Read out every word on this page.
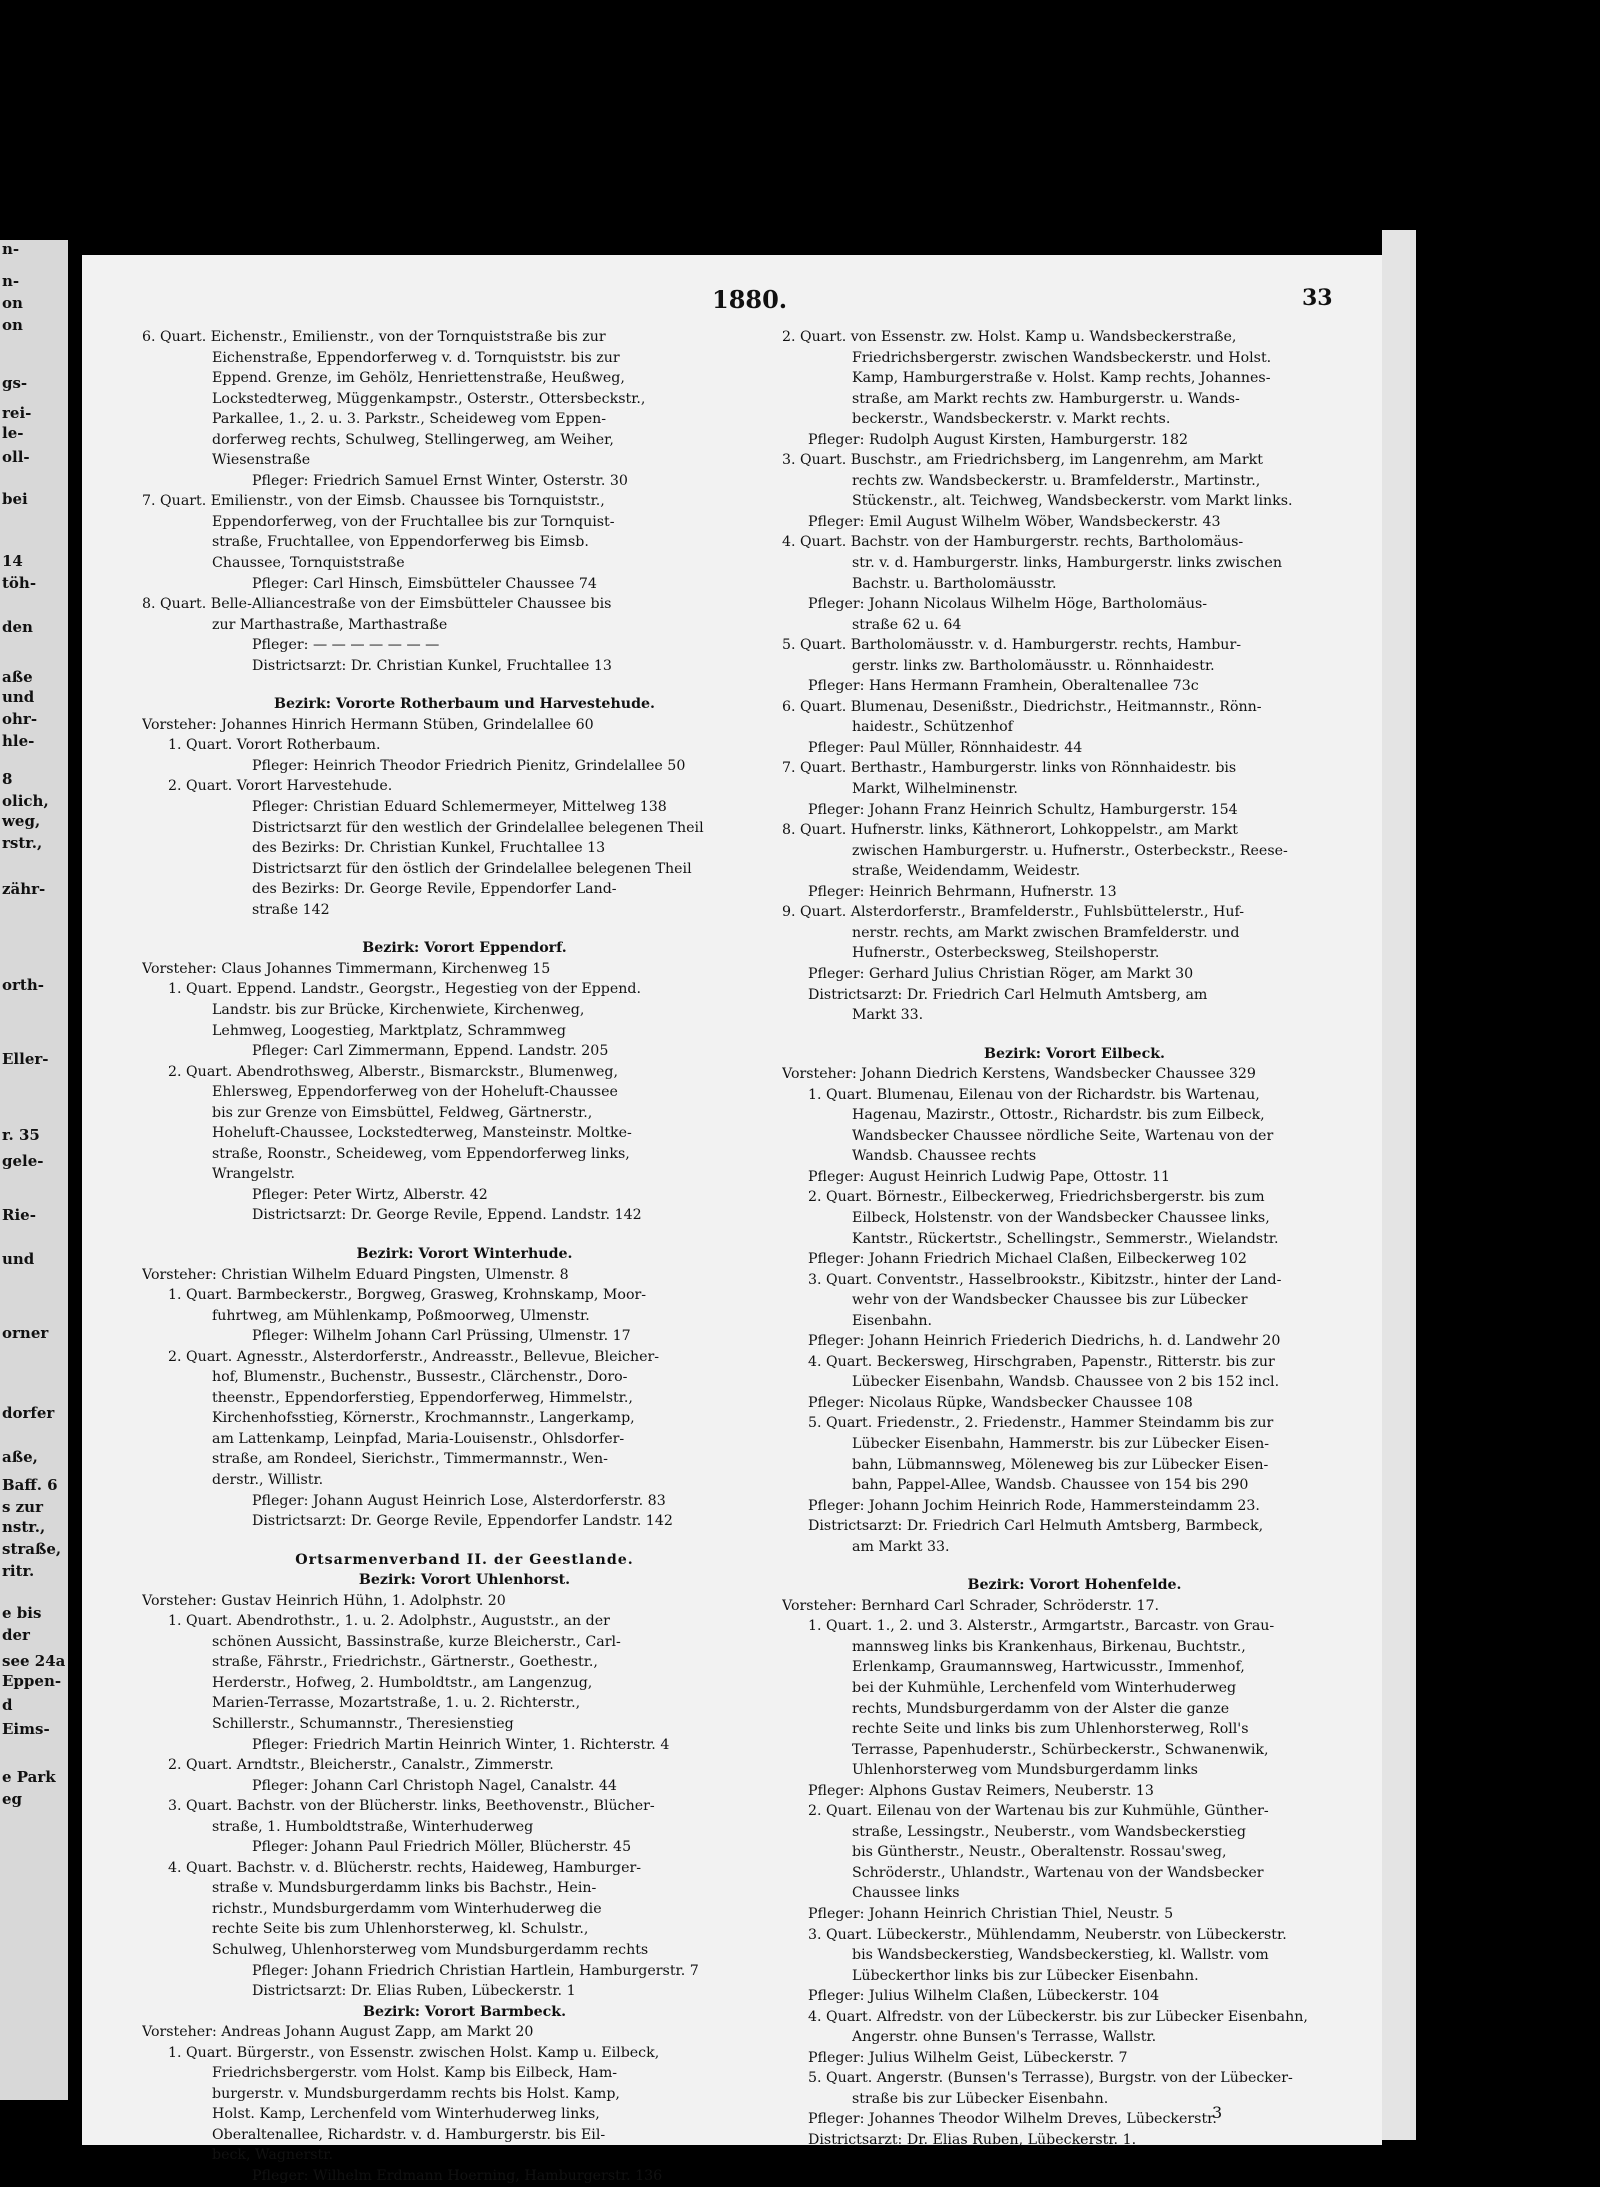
n-
n-
on
on
gs-
rei-
le-
oll-
bei
14
töh-
den
aße
und
ohr-
hle-
8
olich,
weg,
rstr.,
zähr-
orth-
Eller-
r. 35
gele-
Rie-
und
orner
dorfer
aße,
Baff. 6
s zur
nstr.,
straße,
ritr.
e bis
der
see 24a
Eppen-
d
Eims-
e Park
eg
1880.	33
6. Quart. Eichenstr., Emilienstr., von der Tornquiststraße bis zur
Eichenstraße, Eppendorferweg v. d. Tornquiststr. bis zur
Eppend. Grenze, im Gehölz, Henriettenstraße, Heußweg,
Lockstedterweg, Müggenkampstr., Osterstr., Ottersbeckstr.,
Parkallee, 1., 2. u. 3. Parkstr., Scheideweg vom Eppen-
dorferweg rechts, Schulweg, Stellingerweg, am Weiher,
Wiesenstraße
Pfleger: Friedrich Samuel Ernst Winter, Osterstr. 30
7. Quart. Emilienstr., von der Eimsb. Chaussee bis Tornquiststr.,
Eppendorferweg, von der Fruchtallee bis zur Tornquist-
straße, Fruchtallee, von Eppendorferweg bis Eimsb.
Chaussee, Tornquiststraße
Pfleger: Carl Hinsch, Eimsbütteler Chaussee 74
8. Quart. Belle-Alliancestraße von der Eimsbütteler Chaussee bis
zur Marthastraße, Marthastraße
Pfleger: — — — — — — —
Districtsarzt: Dr. Christian Kunkel, Fruchtallee 13
Bezirk: Vororte Rotherbaum und Harvestehude.
Vorsteher: Johannes Hinrich Hermann Stüben, Grindelallee 60
1. Quart. Vorort Rotherbaum.
Pfleger: Heinrich Theodor Friedrich Pienitz, Grindelallee 50
2. Quart. Vorort Harvestehude.
Pfleger: Christian Eduard Schlemermeyer, Mittelweg 138
Districtsarzt für den westlich der Grindelallee belegenen Theil
des Bezirks: Dr. Christian Kunkel, Fruchtallee 13
Districtsarzt für den östlich der Grindelallee belegenen Theil
des Bezirks: Dr. George Revile, Eppendorfer Land-
straße 142
Bezirk: Vorort Eppendorf.
Vorsteher: Claus Johannes Timmermann, Kirchenweg 15
1. Quart. Eppend. Landstr., Georgstr., Hegestieg von der Eppend.
Landstr. bis zur Brücke, Kirchenwiete, Kirchenweg,
Lehmweg, Loogestieg, Marktplatz, Schrammweg
Pfleger: Carl Zimmermann, Eppend. Landstr. 205
2. Quart. Abendrothsweg, Alberstr., Bismarckstr., Blumenweg,
Ehlersweg, Eppendorferweg von der Hoheluft-Chaussee
bis zur Grenze von Eimsbüttel, Feldweg, Gärtnerstr.,
Hoheluft-Chaussee, Lockstedterweg, Mansteinstr. Moltke-
straße, Roonstr., Scheideweg, vom Eppendorferweg links,
Wrangelstr.
Pfleger: Peter Wirtz, Alberstr. 42
Districtsarzt: Dr. George Revile, Eppend. Landstr. 142
Bezirk: Vorort Winterhude.
Vorsteher: Christian Wilhelm Eduard Pingsten, Ulmenstr. 8
1. Quart. Barmbeckerstr., Borgweg, Grasweg, Krohnskamp, Moor-
fuhrtweg, am Mühlenkamp, Poßmoorweg, Ulmenstr.
Pfleger: Wilhelm Johann Carl Prüssing, Ulmenstr. 17
2. Quart. Agnesstr., Alsterdorferstr., Andreasstr., Bellevue, Bleicher-
hof, Blumenstr., Buchenstr., Bussestr., Clärchenstr., Doro-
theenstr., Eppendorferstieg, Eppendorferweg, Himmelstr.,
Kirchenhofsstieg, Körnerstr., Krochmannstr., Langerkamp,
am Lattenkamp, Leinpfad, Maria-Louisenstr., Ohlsdorfer-
straße, am Rondeel, Sierichstr., Timmermannstr., Wen-
derstr., Willistr.
Pfleger: Johann August Heinrich Lose, Alsterdorferstr. 83
Districtsarzt: Dr. George Revile, Eppendorfer Landstr. 142
Ortsarmenverband II. der Geestlande.
Bezirk: Vorort Uhlenhorst.
Vorsteher: Gustav Heinrich Hühn, 1. Adolphstr. 20
1. Quart. Abendrothstr., 1. u. 2. Adolphstr., Auguststr., an der
schönen Aussicht, Bassinstraße, kurze Bleicherstr., Carl-
straße, Fährstr., Friedrichstr., Gärtnerstr., Goethestr.,
Herderstr., Hofweg, 2. Humboldtstr., am Langenzug,
Marien-Terrasse, Mozartstraße, 1. u. 2. Richterstr.,
Schillerstr., Schumannstr., Theresienstieg
Pfleger: Friedrich Martin Heinrich Winter, 1. Richterstr. 4
2. Quart. Arndtstr., Bleicherstr., Canalstr., Zimmerstr.
Pfleger: Johann Carl Christoph Nagel, Canalstr. 44
3. Quart. Bachstr. von der Blücherstr. links, Beethovenstr., Blücher-
straße, 1. Humboldtstraße, Winterhuderweg
Pfleger: Johann Paul Friedrich Möller, Blücherstr. 45
4. Quart. Bachstr. v. d. Blücherstr. rechts, Haideweg, Hamburger-
straße v. Mundsburgerdamm links bis Bachstr., Hein-
richstr., Mundsburgerdamm vom Winterhuderweg die
rechte Seite bis zum Uhlenhorsterweg, kl. Schulstr.,
Schulweg, Uhlenhorsterweg vom Mundsburgerdamm rechts
Pfleger: Johann Friedrich Christian Hartlein, Hamburgerstr. 7
Districtsarzt: Dr. Elias Ruben, Lübeckerstr. 1
Bezirk: Vorort Barmbeck.
Vorsteher: Andreas Johann August Zapp, am Markt 20
1. Quart. Bürgerstr., von Essenstr. zwischen Holst. Kamp u. Eilbeck,
Friedrichsbergerstr. vom Holst. Kamp bis Eilbeck, Ham-
burgerstr. v. Mundsburgerdamm rechts bis Holst. Kamp,
Holst. Kamp, Lerchenfeld vom Winterhuderweg links,
Oberaltenallee, Richardstr. v. d. Hamburgerstr. bis Eil-
beck, Wagnerstr.
Pfleger: Wilhelm Erdmann Hoerning, Hamburgerstr. 136
2. Quart. von Essenstr. zw. Holst. Kamp u. Wandsbeckerstraße,
Friedrichsbergerstr. zwischen Wandsbeckerstr. und Holst.
Kamp, Hamburgerstraße v. Holst. Kamp rechts, Johannes-
straße, am Markt rechts zw. Hamburgerstr. u. Wands-
beckerstr., Wandsbeckerstr. v. Markt rechts.
Pfleger: Rudolph August Kirsten, Hamburgerstr. 182
3. Quart. Buschstr., am Friedrichsberg, im Langenrehm, am Markt
rechts zw. Wandsbeckerstr. u. Bramfelderstr., Martinstr.,
Stückenstr., alt. Teichweg, Wandsbeckerstr. vom Markt links.
Pfleger: Emil August Wilhelm Wöber, Wandsbeckerstr. 43
4. Quart. Bachstr. von der Hamburgerstr. rechts, Bartholomäus-
str. v. d. Hamburgerstr. links, Hamburgerstr. links zwischen
Bachstr. u. Bartholomäusstr.
Pfleger: Johann Nicolaus Wilhelm Höge, Bartholomäus-
straße 62 u. 64
5. Quart. Bartholomäusstr. v. d. Hamburgerstr. rechts, Hambur-
gerstr. links zw. Bartholomäusstr. u. Rönnhaidestr.
Pfleger: Hans Hermann Framhein, Oberaltenallee 73c
6. Quart. Blumenau, Desenißstr., Diedrichstr., Heitmannstr., Rönn-
haidestr., Schützenhof
Pfleger: Paul Müller, Rönnhaidestr. 44
7. Quart. Berthastr., Hamburgerstr. links von Rönnhaidestr. bis
Markt, Wilhelminenstr.
Pfleger: Johann Franz Heinrich Schultz, Hamburgerstr. 154
8. Quart. Hufnerstr. links, Käthnerort, Lohkoppelstr., am Markt
zwischen Hamburgerstr. u. Hufnerstr., Osterbeckstr., Reese-
straße, Weidendamm, Weidestr.
Pfleger: Heinrich Behrmann, Hufnerstr. 13
9. Quart. Alsterdorferstr., Bramfelderstr., Fuhlsbüttelerstr., Huf-
nerstr. rechts, am Markt zwischen Bramfelderstr. und
Hufnerstr., Osterbecksweg, Steilshoperstr.
Pfleger: Gerhard Julius Christian Röger, am Markt 30
Districtsarzt: Dr. Friedrich Carl Helmuth Amtsberg, am
Markt 33.
Bezirk: Vorort Eilbeck.
Vorsteher: Johann Diedrich Kerstens, Wandsbecker Chaussee 329
1. Quart. Blumenau, Eilenau von der Richardstr. bis Wartenau,
Hagenau, Mazirstr., Ottostr., Richardstr. bis zum Eilbeck,
Wandsbecker Chaussee nördliche Seite, Wartenau von der
Wandsb. Chaussee rechts
Pfleger: August Heinrich Ludwig Pape, Ottostr. 11
2. Quart. Börnestr., Eilbeckerweg, Friedrichsbergerstr. bis zum
Eilbeck, Holstenstr. von der Wandsbecker Chaussee links,
Kantstr., Rückertstr., Schellingstr., Semmerstr., Wielandstr.
Pfleger: Johann Friedrich Michael Claßen, Eilbeckerweg 102
3. Quart. Conventstr., Hasselbrookstr., Kibitzstr., hinter der Land-
wehr von der Wandsbecker Chaussee bis zur Lübecker
Eisenbahn.
Pfleger: Johann Heinrich Friederich Diedrichs, h. d. Landwehr 20
4. Quart. Beckersweg, Hirschgraben, Papenstr., Ritterstr. bis zur
Lübecker Eisenbahn, Wandsb. Chaussee von 2 bis 152 incl.
Pfleger: Nicolaus Rüpke, Wandsbecker Chaussee 108
5. Quart. Friedenstr., 2. Friedenstr., Hammer Steindamm bis zur
Lübecker Eisenbahn, Hammerstr. bis zur Lübecker Eisen-
bahn, Lübmannsweg, Möleneweg bis zur Lübecker Eisen-
bahn, Pappel-Allee, Wandsb. Chaussee von 154 bis 290
Pfleger: Johann Jochim Heinrich Rode, Hammersteindamm 23.
Districtsarzt: Dr. Friedrich Carl Helmuth Amtsberg, Barmbeck,
am Markt 33.
Bezirk: Vorort Hohenfelde.
Vorsteher: Bernhard Carl Schrader, Schröderstr. 17.
1. Quart. 1., 2. und 3. Alsterstr., Armgartstr., Barcastr. von Grau-
mannsweg links bis Krankenhaus, Birkenau, Buchtstr.,
Erlenkamp, Graumannsweg, Hartwicusstr., Immenhof,
bei der Kuhmühle, Lerchenfeld vom Winterhuderweg
rechts, Mundsburgerdamm von der Alster die ganze
rechte Seite und links bis zum Uhlenhorsterweg, Roll's
Terrasse, Papenhuderstr., Schürbeckerstr., Schwanenwik,
Uhlenhorsterweg vom Mundsburgerdamm links
Pfleger: Alphons Gustav Reimers, Neuberstr. 13
2. Quart. Eilenau von der Wartenau bis zur Kuhmühle, Günther-
straße, Lessingstr., Neuberstr., vom Wandsbeckerstieg
bis Güntherstr., Neustr., Oberaltenstr. Rossau'sweg,
Schröderstr., Uhlandstr., Wartenau von der Wandsbecker
Chaussee links
Pfleger: Johann Heinrich Christian Thiel, Neustr. 5
3. Quart. Lübeckerstr., Mühlendamm, Neuberstr. von Lübeckerstr.
bis Wandsbeckerstieg, Wandsbeckerstieg, kl. Wallstr. vom
Lübeckerthor links bis zur Lübecker Eisenbahn.
Pfleger: Julius Wilhelm Claßen, Lübeckerstr. 104
4. Quart. Alfredstr. von der Lübeckerstr. bis zur Lübecker Eisenbahn,
Angerstr. ohne Bunsen's Terrasse, Wallstr.
Pfleger: Julius Wilhelm Geist, Lübeckerstr. 7
5. Quart. Angerstr. (Bunsen's Terrasse), Burgstr. von der Lübecker-
straße bis zur Lübecker Eisenbahn.
Pfleger: Johannes Theodor Wilhelm Dreves, Lübeckerstr.
Districtsarzt: Dr. Elias Ruben, Lübeckerstr. 1.
3
